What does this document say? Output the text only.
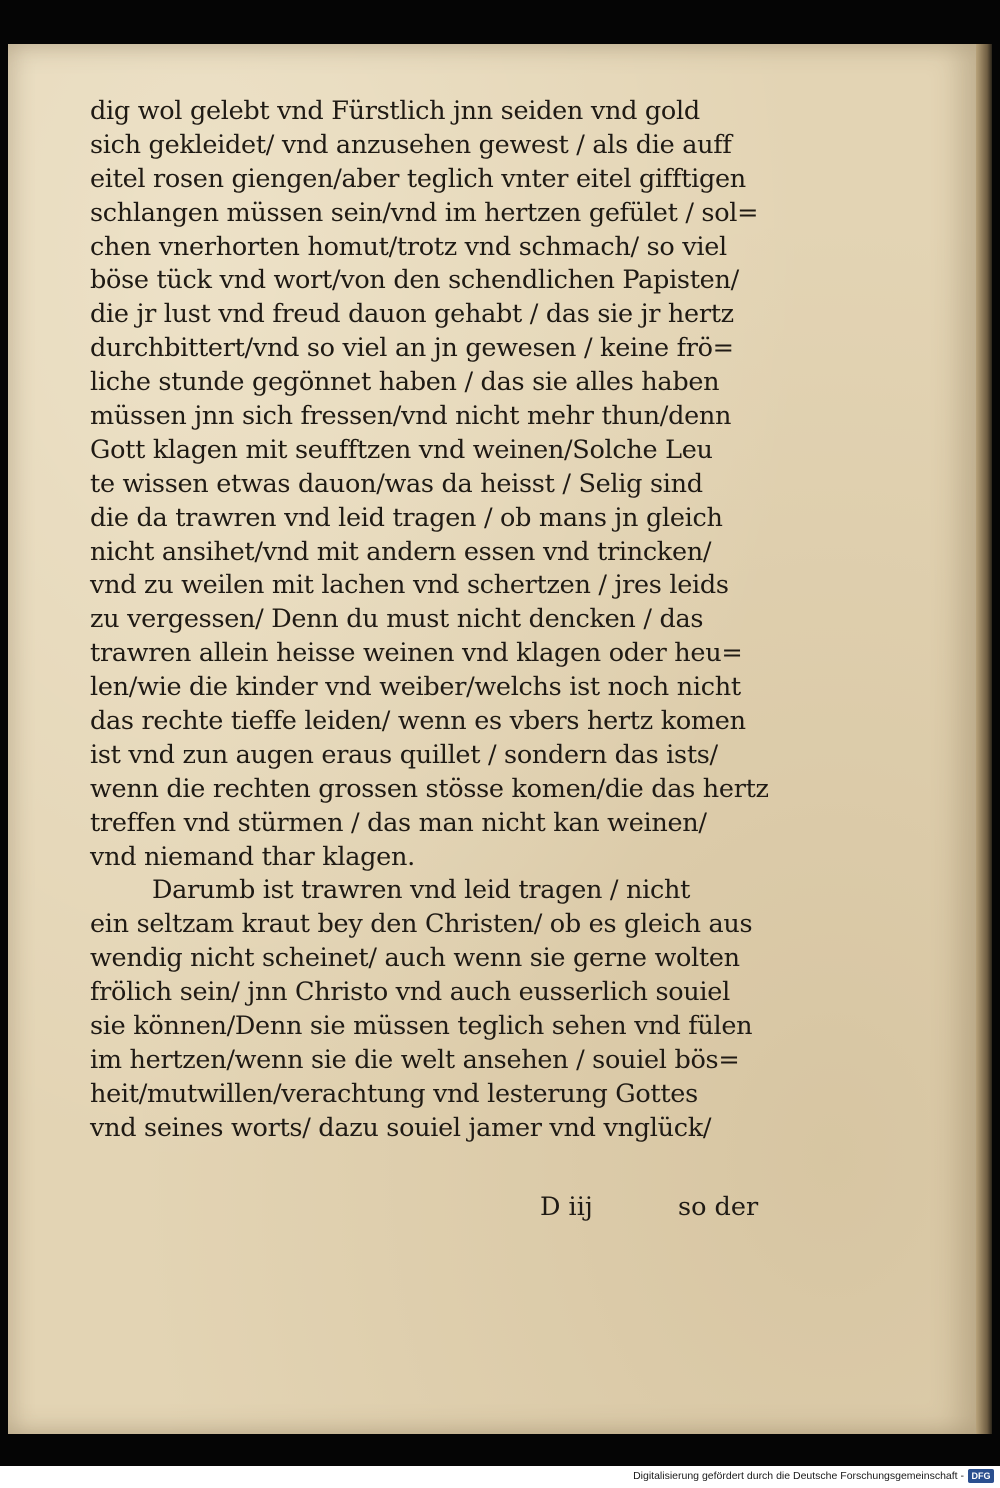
dig wol gelebt vnd Fürstlich jnn seiden vnd gold
sich gekleidet/ vnd anzusehen gewest / als die auff
eitel rosen giengen/aber teglich vnter eitel gifftigen
schlangen müssen sein/vnd im hertzen gefület / sol=
chen vnerhorten homut/trotz vnd schmach/ so viel
böse tück vnd wort/von den schendlichen Papisten/
die jr lust vnd freud dauon gehabt / das sie jr hertz
durchbittert/vnd so viel an jn gewesen / keine frö=
liche stunde gegönnet haben / das sie alles haben
müssen jnn sich fressen/vnd nicht mehr thun/denn
Gott klagen mit seufftzen vnd weinen/Solche Leu
te wissen etwas dauon/was da heisst / Selig sind
die da trawren vnd leid tragen / ob mans jn gleich
nicht ansihet/vnd mit andern essen vnd trincken/
vnd zu weilen mit lachen vnd schertzen / jres leids
zu vergessen/ Denn du must nicht dencken / das
trawren allein heisse weinen vnd klagen oder heu=
len/wie die kinder vnd weiber/welchs ist noch nicht
das rechte tieffe leiden/ wenn es vbers hertz komen
ist vnd zun augen eraus quillet / sondern das ists/
wenn die rechten grossen stösse komen/die das hertz
treffen vnd stürmen / das man nicht kan weinen/
vnd niemand thar klagen.
Darumb ist trawren vnd leid tragen / nicht
ein seltzam kraut bey den Christen/ ob es gleich aus
wendig nicht scheinet/ auch wenn sie gerne wolten
frölich sein/ jnn Christo vnd auch eusserlich souiel
sie können/Denn sie müssen teglich sehen vnd fülen
im hertzen/wenn sie die welt ansehen / souiel bös=
heit/mutwillen/verachtung vnd lesterung Gottes
vnd seines worts/ dazu souiel jamer vnd vnglück/
D iij	so der
Digitalisierung gefördert durch die Deutsche Forschungsgemeinschaft - DFG
